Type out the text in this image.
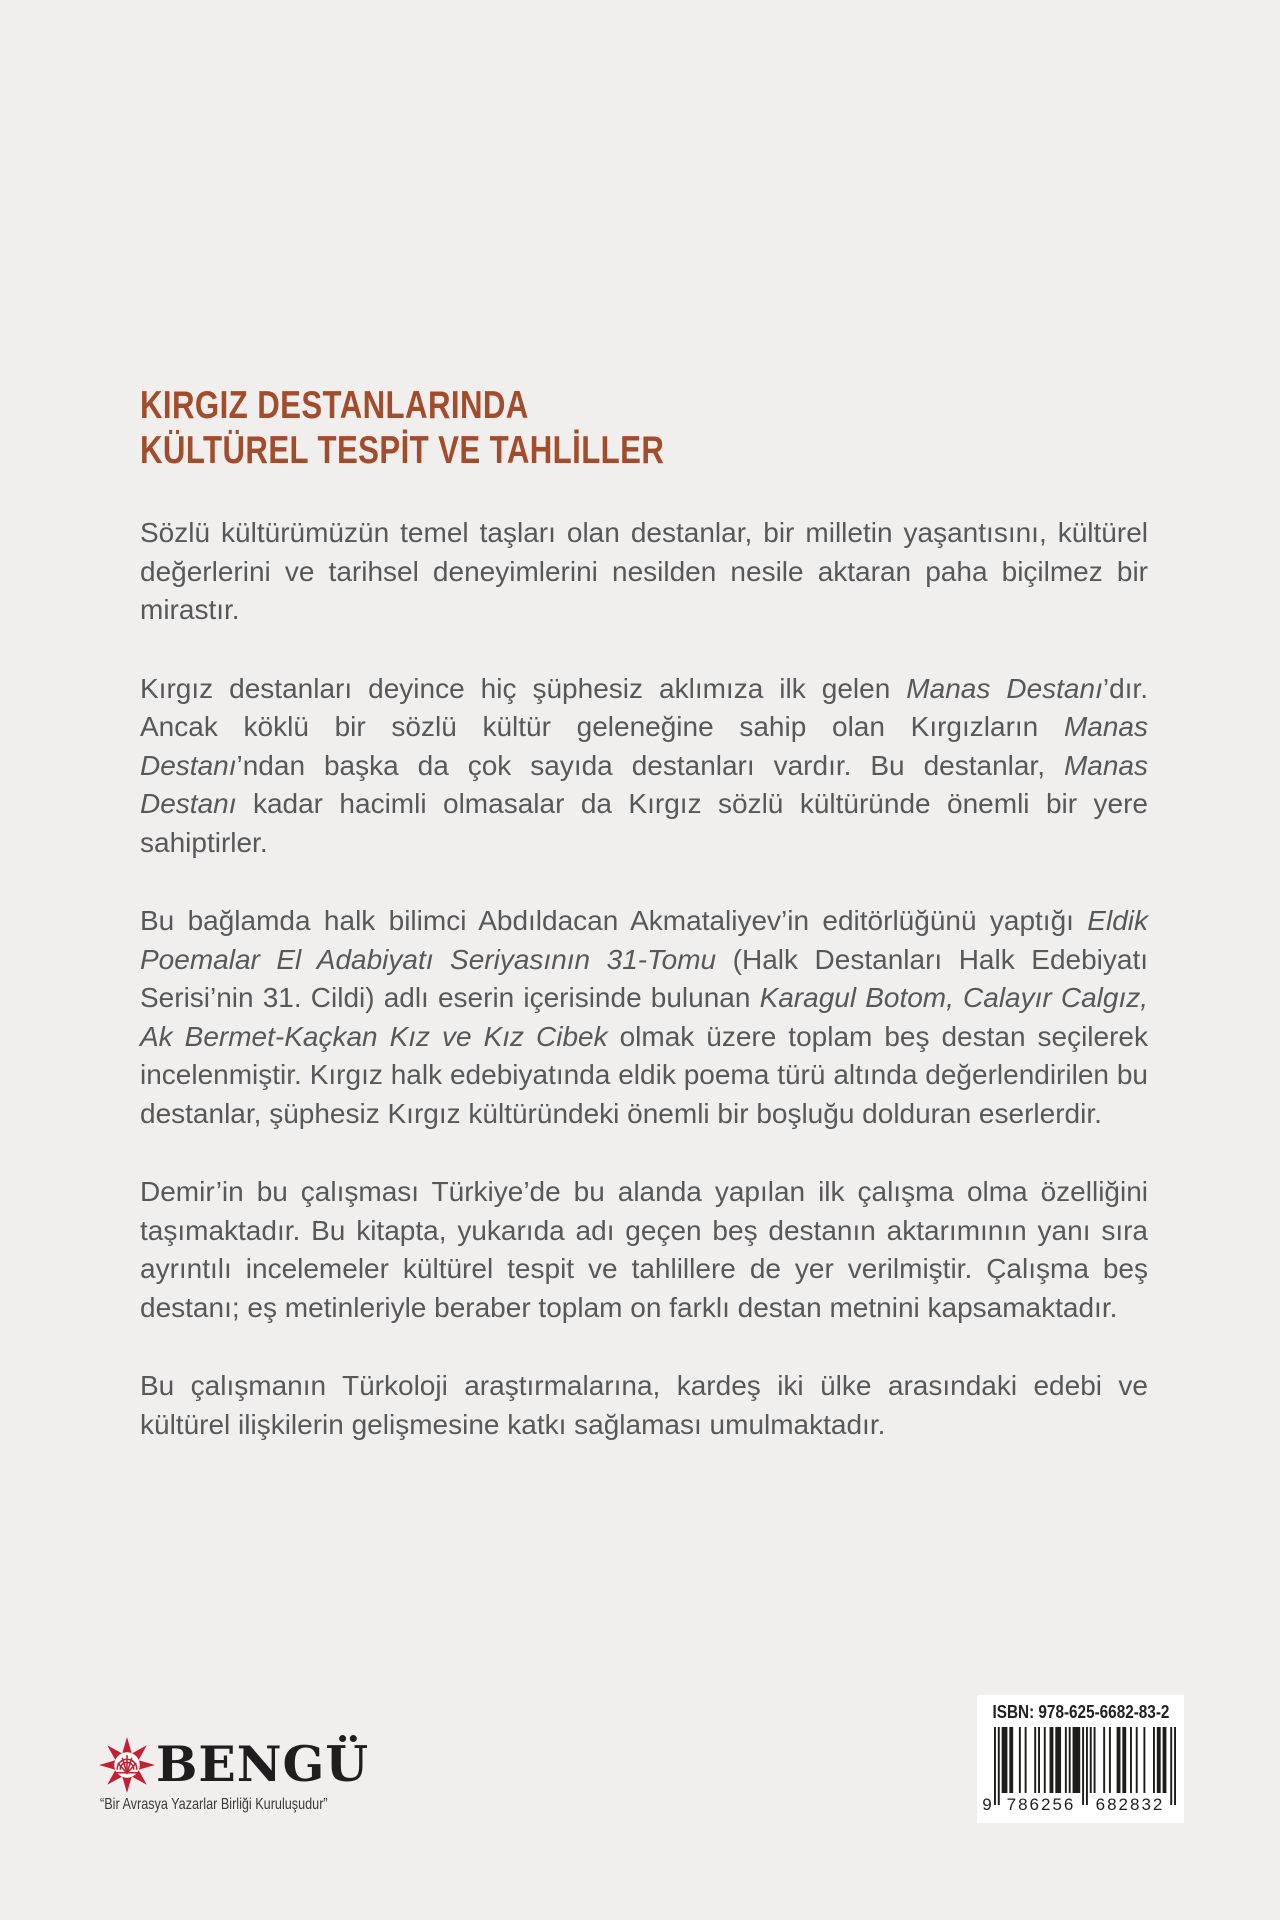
KIRGIZ DESTANLARINDA
KÜLTÜREL TESPİT VE TAHLİLLER

Sözlü kültürümüzün temel taşları olan destanlar, bir milletin yaşantısını, kültürel değerlerini ve tarihsel deneyimlerini nesilden nesile aktaran paha biçilmez bir mirastır.

Kırgız destanları deyince hiç şüphesiz aklımıza ilk gelen Manas Destanı’dır. Ancak köklü bir sözlü kültür geleneğine sahip olan Kırgızların Manas Destanı’ndan başka da çok sayıda destanları vardır. Bu destanlar, Manas Destanı kadar hacimli olmasalar da Kırgız sözlü kültüründe önemli bir yere sahiptirler.

Bu bağlamda halk bilimci Abdıldacan Akmataliyev’in editörlüğünü yaptığı Eldik Poemalar El Adabiyatı Seriyasının 31-Tomu (Halk Destanları Halk Edebiyatı Serisi’nin 31. Cildi) adlı eserin içerisinde bulunan Karagul Botom, Calayır Calgız, Ak Bermet-Kaçkan Kız ve Kız Cibek olmak üzere toplam beş destan seçilerek incelenmiştir. Kırgız halk edebiyatında eldik poema türü altında değerlendirilen bu destanlar, şüphesiz Kırgız kültüründeki önemli bir boşluğu dolduran eserlerdir.

Demir’in bu çalışması Türkiye’de bu alanda yapılan ilk çalışma olma özelliğini taşımaktadır. Bu kitapta, yukarıda adı geçen beş destanın aktarımının yanı sıra ayrıntılı incelemeler kültürel tespit ve tahlillere de yer verilmiştir. Çalışma beş destanı; eş metinleriyle beraber toplam on farklı destan metnini kapsamaktadır.

Bu çalışmanın Türkoloji araştırmalarına, kardeş iki ülke arasındaki edebi ve kültürel ilişkilerin gelişmesine katkı sağlaması umulmaktadır.

BENGÜ
“Bir Avrasya Yazarlar Birliği Kuruluşudur”
ISBN: 978-625-6682-83-2
9 786256	682832
